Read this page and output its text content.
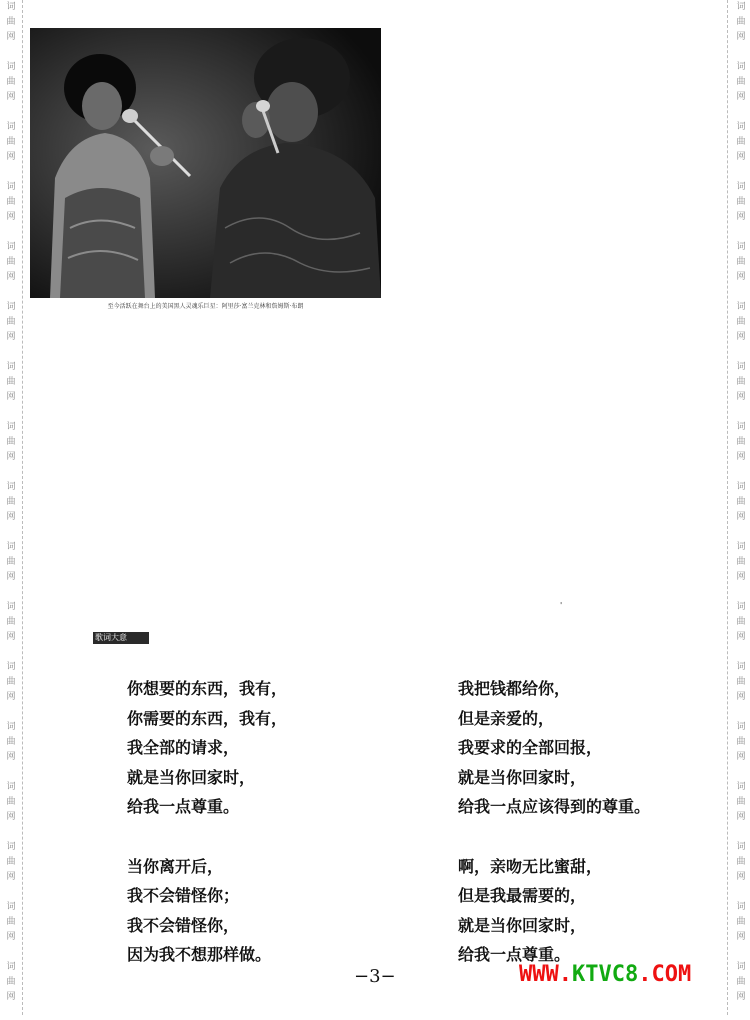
词
曲
网
词
曲
网
词
曲
网
词
曲
网
词
曲
网
词
曲
网
词
曲
网
词
曲
网
词
曲
网
词
曲
网
词
曲
网
词
曲
网
词
曲
网
词
曲
网
词
曲
网
词
曲
网
词
曲
网
词
曲
网
词
曲
网
词
曲
网
词
曲
网
词
曲
网
词
曲
网
词
曲
网
词
曲
网
词
曲
网
词
曲
网
词
曲
网
词
曲
网
词
曲
网
词
曲
网
词
曲
网
词
曲
网
词
曲
网
至今活跃在舞台上的美国黑人灵魂乐巨星：阿里莎·富兰克林和詹姆斯·布朗
'
歌词大意
你想要的东西，我有，
你需要的东西，我有，
我全部的请求，
就是当你回家时，
给我一点尊重。
当你离开后，
我不会错怪你；
我不会错怪你，
因为我不想那样做。
我把钱都给你，
但是亲爱的，
我要求的全部回报，
就是当你回家时，
给我一点应该得到的尊重。
啊，亲吻无比蜜甜，
但是我最需要的，
就是当你回家时，
给我一点尊重。
−3−	WWW.KTVC8.COM
